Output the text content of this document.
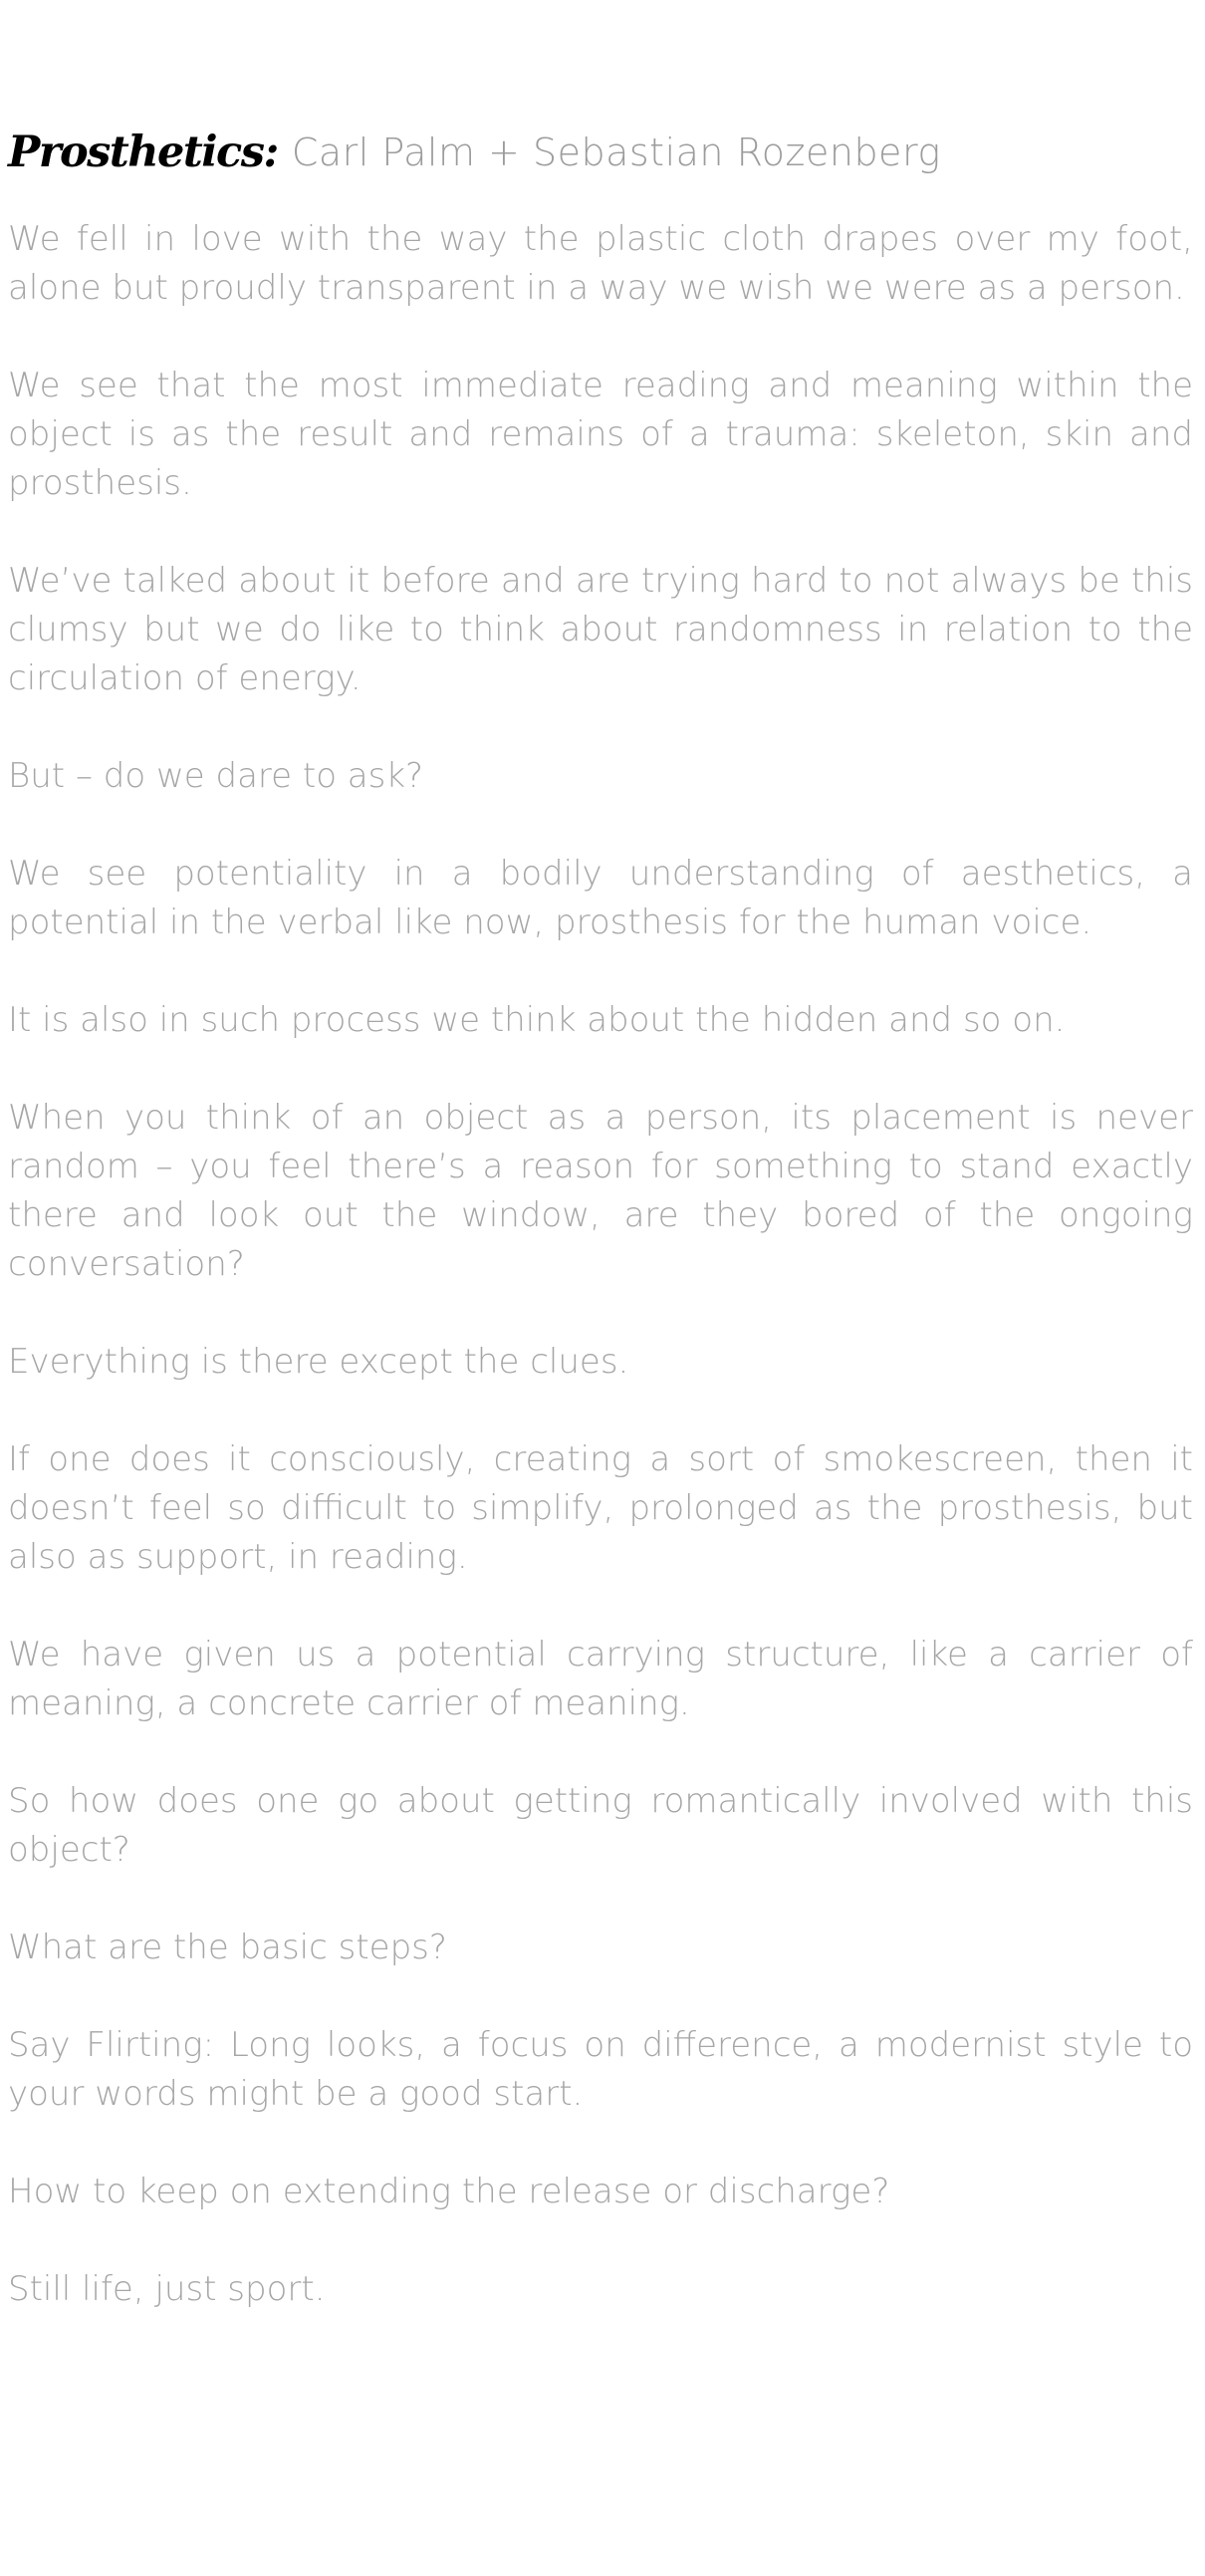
Prosthetics: Carl Palm + Sebastian Rozenberg

We fell in love with the way the plastic cloth drapes over my foot, alone but proudly transparent in a way we wish we were as a person.

We see that the most immediate reading and meaning within the object is as the result and remains of a trauma: skeleton, skin and prosthesis.

We’ve talked about it before and are trying hard to not always be this clumsy but we do like to think about randomness in relation to the circulation of energy.

But – do we dare to ask?

We see potentiality in a bodily understanding of aesthetics, a potential in the verbal like now, prosthesis for the human voice.

It is also in such process we think about the hidden and so on.

When you think of an object as a person, its placement is never random – you feel there’s a reason for something to stand exactly there and look out the window, are they bored of the ongoing conversation?

Everything is there except the clues.

If one does it consciously, creating a sort of smokescreen, then it doesn’t feel so difficult to simplify, prolonged as the prosthesis, but also as support, in reading.

We have given us a potential carrying structure, like a carrier of meaning, a concrete carrier of meaning.

So how does one go about getting romantically involved with this object?

What are the basic steps?

Say Flirting: Long looks, a focus on difference, a modernist style to your words might be a good start.

How to keep on extending the release or discharge?

Still life, just sport.
